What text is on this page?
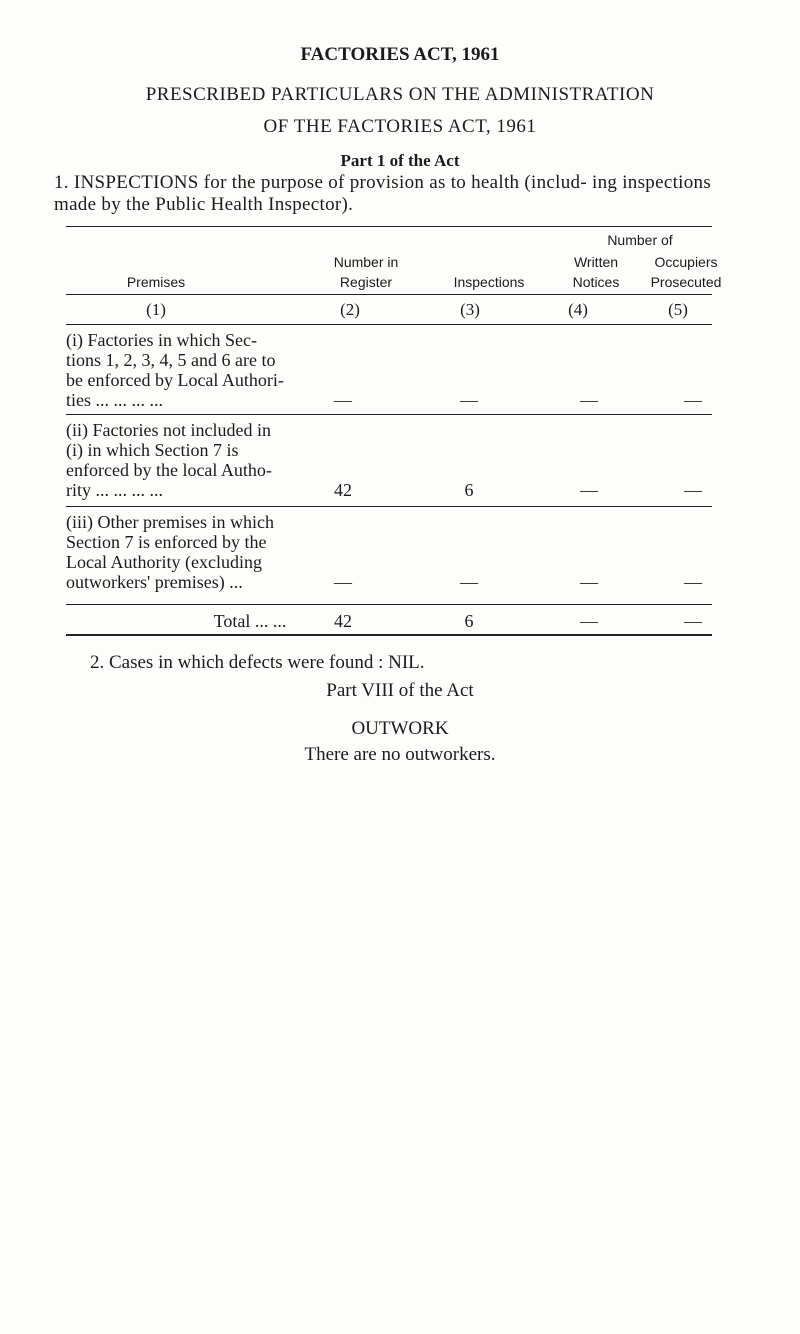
FACTORIES ACT, 1961
PRESCRIBED PARTICULARS ON THE ADMINISTRATION
OF THE FACTORIES ACT, 1961
Part 1 of the Act
1. INSPECTIONS for the purpose of provision as to health (includ- ing inspections made by the Public Health Inspector).
Number of
Number in	Written	Occupiers
Premises	Register	Inspections	Notices	Prosecuted
(1)	(2)	(3)	(4)	(5)
(i) Factories in which Sec-
tions 1, 2, 3, 4, 5 and 6 are to
be enforced by Local Authori-
ties ... ... ... ...	—	—	—	—
(ii) Factories not included in
(i) in which Section 7 is
enforced by the local Autho-
rity ... ... ... ...	42	6	—	—
(iii) Other premises in which
Section 7 is enforced by the
Local Authority (excluding
outworkers' premises) ...	—	—	—	—
Total ... ...	42	6	—	—
2. Cases in which defects were found : NIL.
Part VIII of the Act
OUTWORK
There are no outworkers.
